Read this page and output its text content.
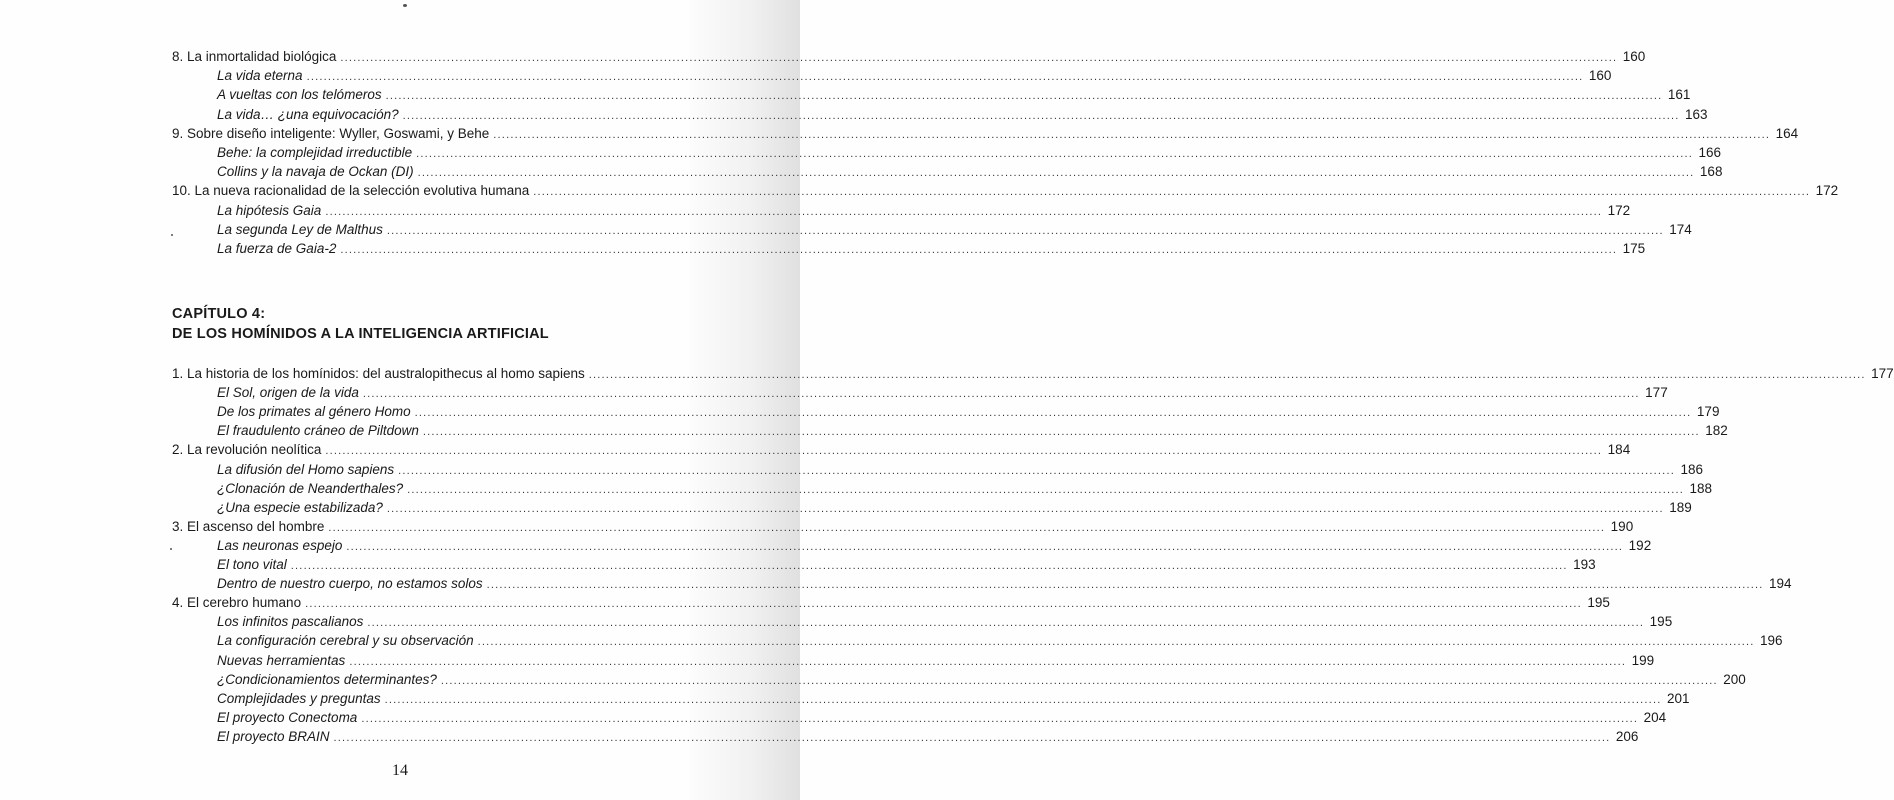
8. La inmortalidad biológica ............................................................................................................................................................................................................................................................................................................ 160
La vida eterna ............................................................................................................................................................................................................................................................................................................ 160
A vueltas con los telómeros ............................................................................................................................................................................................................................................................................................................ 161
La vida… ¿una equivocación? ............................................................................................................................................................................................................................................................................................................ 163
9. Sobre diseño inteligente: Wyller, Goswami, y Behe ............................................................................................................................................................................................................................................................................................................ 164
Behe: la complejidad irreductible ............................................................................................................................................................................................................................................................................................................ 166
Collins y la navaja de Ockan (DI) ............................................................................................................................................................................................................................................................................................................ 168
10. La nueva racionalidad de la selección evolutiva humana ............................................................................................................................................................................................................................................................................................................ 172
La hipótesis Gaia ............................................................................................................................................................................................................................................................................................................ 172
La segunda Ley de Malthus ............................................................................................................................................................................................................................................................................................................ 174
La fuerza de Gaia-2 ............................................................................................................................................................................................................................................................................................................ 175
CAPÍTULO 4:
DE LOS HOMÍNIDOS A LA INTELIGENCIA ARTIFICIAL
1. La historia de los homínidos: del australopithecus al homo sapiens ............................................................................................................................................................................................................................................................................................................ 177
El Sol, origen de la vida ............................................................................................................................................................................................................................................................................................................ 177
De los primates al género Homo ............................................................................................................................................................................................................................................................................................................ 179
El fraudulento cráneo de Piltdown ............................................................................................................................................................................................................................................................................................................ 182
2. La revolución neolítica ............................................................................................................................................................................................................................................................................................................ 184
La difusión del Homo sapiens ............................................................................................................................................................................................................................................................................................................ 186
¿Clonación de Neanderthales? ............................................................................................................................................................................................................................................................................................................ 188
¿Una especie estabilizada? ............................................................................................................................................................................................................................................................................................................ 189
3. El ascenso del hombre ............................................................................................................................................................................................................................................................................................................ 190
Las neuronas espejo ............................................................................................................................................................................................................................................................................................................ 192
El tono vital ............................................................................................................................................................................................................................................................................................................ 193
Dentro de nuestro cuerpo, no estamos solos ............................................................................................................................................................................................................................................................................................................ 194
4. El cerebro humano ............................................................................................................................................................................................................................................................................................................ 195
Los infinitos pascalianos ............................................................................................................................................................................................................................................................................................................ 195
La configuración cerebral y su observación ............................................................................................................................................................................................................................................................................................................ 196
Nuevas herramientas ............................................................................................................................................................................................................................................................................................................ 199
¿Condicionamientos determinantes? ............................................................................................................................................................................................................................................................................................................ 200
Complejidades y preguntas ............................................................................................................................................................................................................................................................................................................ 201
El proyecto Conectoma ............................................................................................................................................................................................................................................................................................................ 204
El proyecto BRAIN ............................................................................................................................................................................................................................................................................................................ 206
14
